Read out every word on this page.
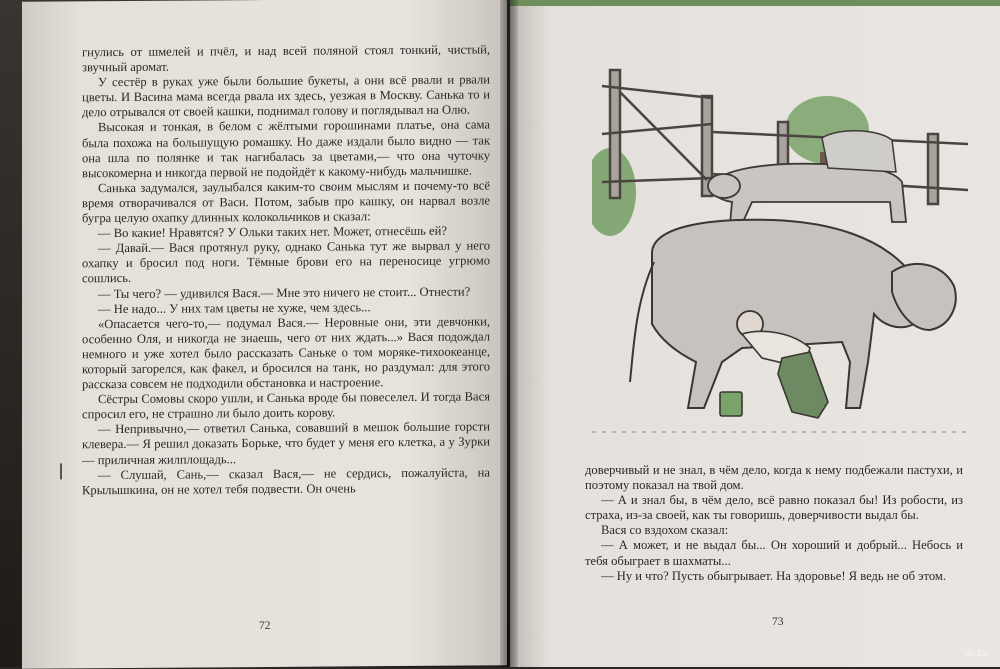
гнулись от шмелей и пчёл, и над всей поляной стоял тонкий, чистый, звучный аромат.

У сестёр в руках уже были большие букеты, а они всё рвали и рвали цветы. И Васина мама всегда рвала их здесь, уезжая в Москву. Санька то и дело отрывался от своей кашки, поднимал голову и поглядывал на Олю.

Высокая и тонкая, в белом с жёлтыми горошинами платье, она сама была похожа на большущую ромашку. Но даже издали было видно — так она шла по полянке и так нагибалась за цветами,— что она чуточку высокомерна и никогда первой не подойдёт к какому-нибудь мальчишке.

Санька задумался, заулыбался каким-то своим мыслям и почему-то всё время отворачивался от Васи. Потом, забыв про кашку, он нарвал возле бугра целую охапку длинных колокольчиков и сказал:

— Во какие! Нравятся? У Ольки таких нет. Может, отнесёшь ей?

— Давай.— Вася протянул руку, однако Санька тут же вырвал у него охапку и бросил под ноги. Тёмные брови его на переносице угрюмо сошлись.

— Ты чего? — удивился Вася.— Мне это ничего не стоит... Отнести?

— Не надо... У них там цветы не хуже, чем здесь...

«Опасается чего-то,— подумал Вася.— Неровные они, эти девчонки, особенно Оля, и никогда не знаешь, чего от них ждать...» Вася подождал немного и уже хотел было рассказать Саньке о том моряке-тихоокеанце, который загорелся, как факел, и бросился на танк, но раздумал: для этого рассказа совсем не подходили обстановка и настроение.

Сёстры Сомовы скоро ушли, и Санька вроде бы повеселел. И тогда Вася спросил его, не страшно ли было доить корову.

— Непривычно,— ответил Санька, совавший в мешок большие горсти клевера.— Я решил доказать Борьке, что будет у меня его клетка, а у Зурки — приличная жилплощадь...

— Слушай, Сань,— сказал Вася,— не сердись, пожалуйста, на Крылышкина, он не хотел тебя подвести. Он очень

72

доверчивый и не знал, в чём дело, когда к нему подбежали пастухи, и поэтому показал на твой дом.

— А и знал бы, в чём дело, всё равно показал бы! Из робости, из страха, из-за своей, как ты говоришь, доверчивости выдал бы.

Вася со вздохом сказал:

— А может, и не выдал бы... Он хороший и добрый... Небось и тебя обыграет в шахматы...

— Ну и что? Пусть обыгрывает. На здоровье! Я ведь не об этом.

73
ay.by
